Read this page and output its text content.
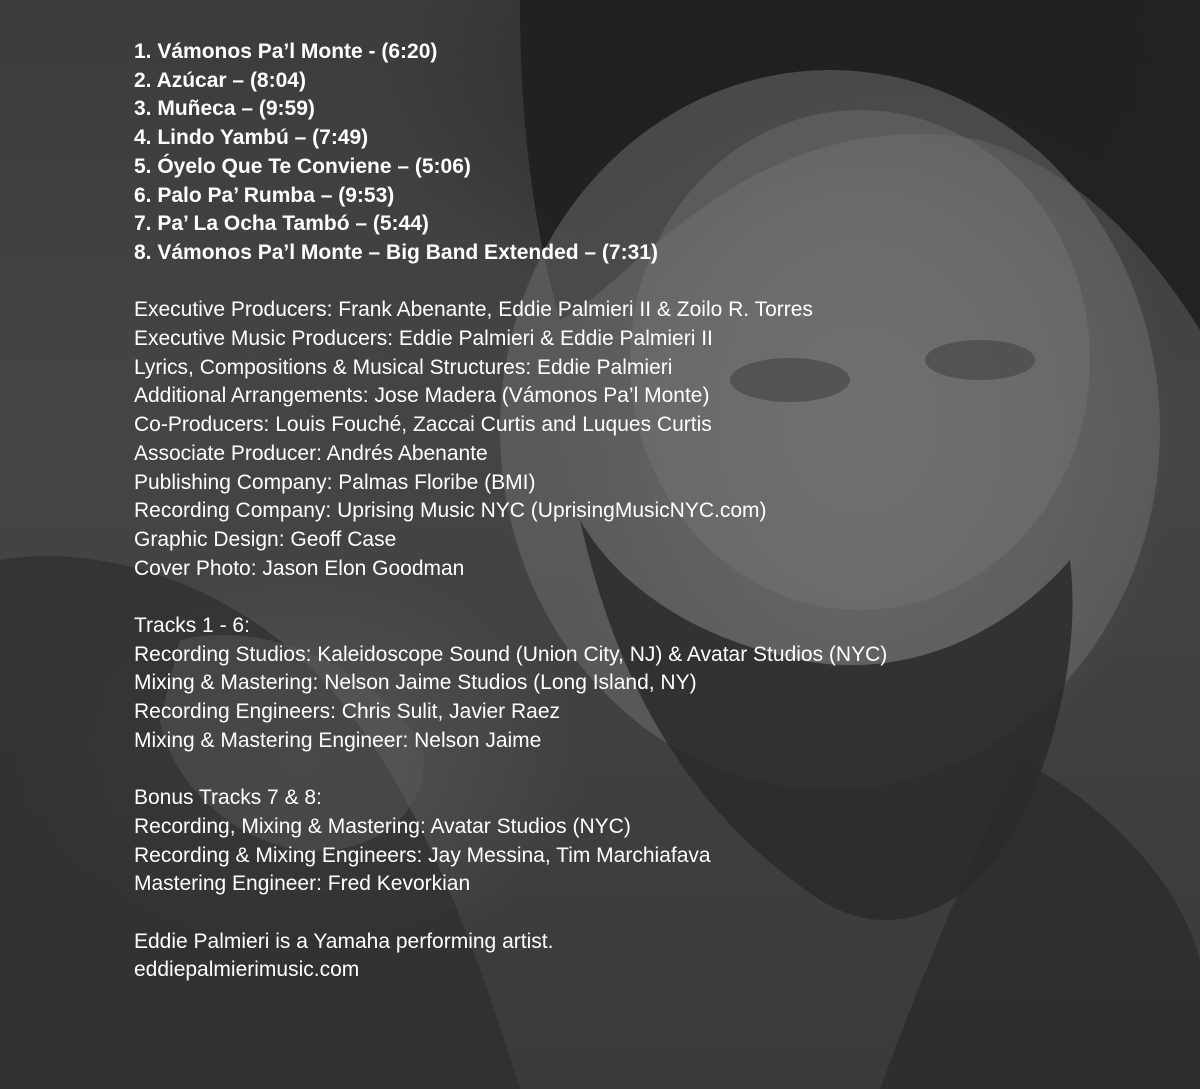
1. Vámonos Pa’l Monte - (6:20)
2. Azúcar – (8:04)
3. Muñeca – (9:59)
4. Lindo Yambú – (7:49)
5. Óyelo Que Te Conviene – (5:06)
6. Palo Pa’ Rumba – (9:53)
7. Pa’ La Ocha Tambó – (5:44)
8. Vámonos Pa’l Monte – Big Band Extended – (7:31)
Executive Producers: Frank Abenante, Eddie Palmieri II & Zoilo R. Torres
Executive Music Producers: Eddie Palmieri & Eddie Palmieri II
Lyrics, Compositions & Musical Structures: Eddie Palmieri
Additional Arrangements: Jose Madera (Vámonos Pa’l Monte)
Co-Producers: Louis Fouché, Zaccai Curtis and Luques Curtis
Associate Producer: Andrés Abenante
Publishing Company: Palmas Floribe (BMI)
Recording Company: Uprising Music NYC (UprisingMusicNYC.com)
Graphic Design: Geoff Case
Cover Photo: Jason Elon Goodman
Tracks 1 - 6:
Recording Studios: Kaleidoscope Sound (Union City, NJ) & Avatar Studios (NYC)
Mixing & Mastering: Nelson Jaime Studios (Long Island, NY)
Recording Engineers: Chris Sulit, Javier Raez
Mixing & Mastering Engineer: Nelson Jaime
Bonus Tracks 7 & 8:
Recording, Mixing & Mastering: Avatar Studios (NYC)
Recording & Mixing Engineers: Jay Messina, Tim Marchiafava
Mastering Engineer: Fred Kevorkian
Eddie Palmieri is a Yamaha performing artist.
eddiepalmierimusic.com
